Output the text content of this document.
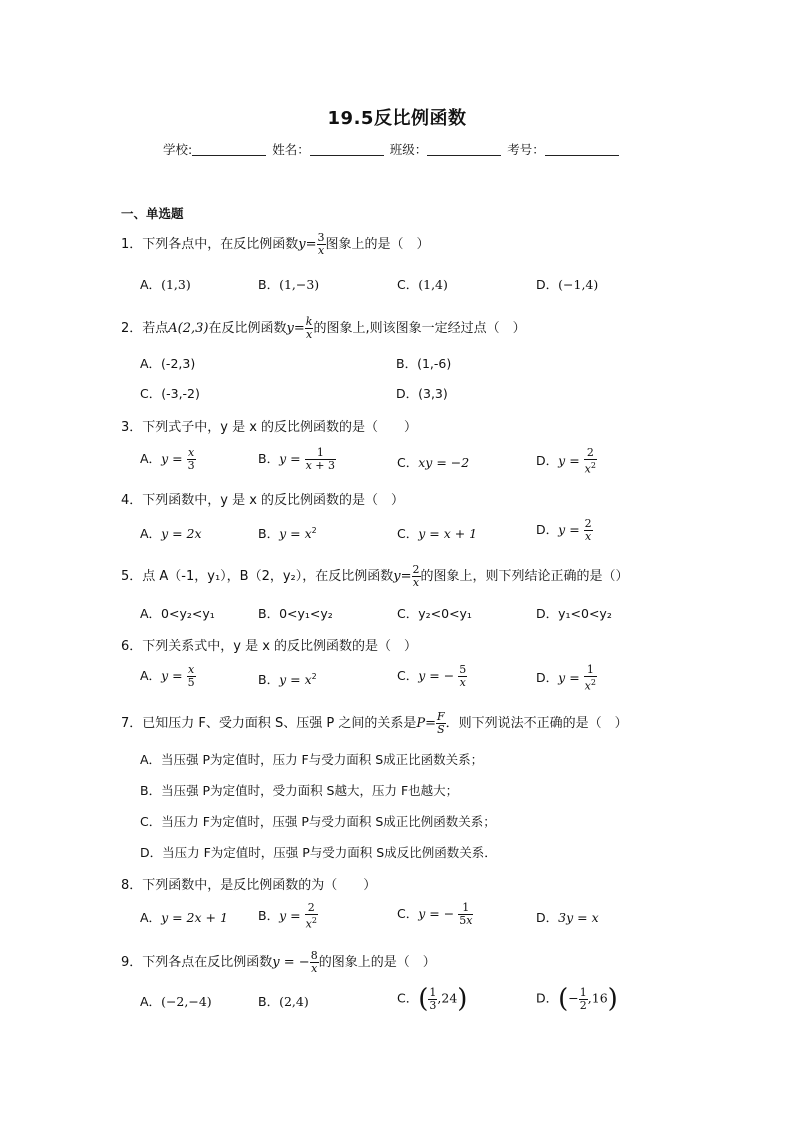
19.5反比例函数
学校:	姓名：	班级：	考号：
一、单选题
1．下列各点中，在反比例函数$y= \frac{3}{x}$ 图象上的是（　）
A．(1,3)	B．(1,−3)	C．(1,4)	D．(−1,4)
2．若点A(2,3)在反比例函数$y= \frac{k}{x}$ 的图象上,则该图象一定经过点（　）
A．(-2,3)	B．(1,-6)
C．(-3,-2)	D．(3,3)
3．下列式子中，y 是 x 的反比例函数的是（　　）
A．$y = \frac{x}{3}$	B．$y = \frac{1}{x + 3}$	C．xy = −2	D．$y = \frac{2}{x^2}$
4．下列函数中，y 是 x 的反比例函数的是（　）
A．y = 2x	B．$y = x^2$	C．y = x + 1	D．$y = \frac{2}{x}$
5．点 A（-1，y₁），B（2，y₂），在反比例函数$y= \frac{2}{x}$ 的图象上，则下列结论正确的是（）
A．0<y₂<y₁	B．0<y₁<y₂	C．y₂<0<y₁	D．y₁<0<y₂
6．下列关系式中，y 是 x 的反比例函数的是（　）
A．$y = \frac{x}{5}$	B．$y = x^2$	C．y = − $\frac{5}{x}$	D．$y = \frac{1}{x^2}$
7．已知压力 F、受力面积 S、压强 P 之间的关系是$P= \frac{F}{S}$ ．则下列说法不正确的是（　）
A．当压强 P为定值时，压力 F与受力面积 S成正比函数关系；
B．当压强 P为定值时，受力面积 S越大，压力 F也越大；
C．当压力 F为定值时，压强 P与受力面积 S成正比例函数关系；
D．当压力 F为定值时，压强 P与受力面积 S成反比例函数关系．
8．下列函数中，是反比例函数的为（　　）
A．y = 2x + 1 B．$y = \frac{2}{x^2}$	C．y = − $\frac{1}{5x}$	D．3y = x
9．下列各点在反比例函数y = − $\frac{8}{x}$ 的图象上的是（　）
A．(−2,−4)	B．(2,4)	C．( $\frac{1}{3} ,24$)	D．(− $\frac{1}{2} ,16$)
